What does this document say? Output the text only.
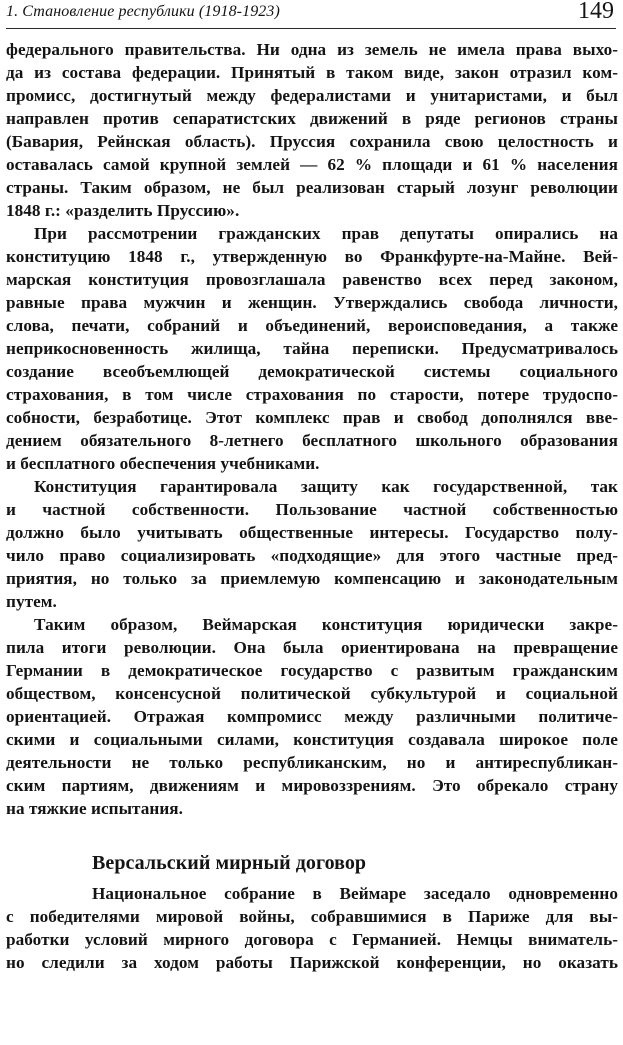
1. Становление республики (1918-1923)	149
федерального правительства. Ни одна из земель не имела права выхо-
да из состава федерации. Принятый в таком виде, закон отразил ком-
промисс, достигнутый между федералистами и унитаристами, и был
направлен против сепаратистских движений в ряде регионов страны
(Бавария, Рейнская область). Пруссия сохранила свою целостность и
оставалась самой крупной землей — 62 % площади и 61 % населения
страны. Таким образом, не был реализован старый лозунг революции
1848 г.: «разделить Пруссию».
При рассмотрении гражданских прав депутаты опирались на
конституцию 1848 г., утвержденную во Франкфурте-на-Майне. Вей-
марская конституция провозглашала равенство всех перед законом,
равные права мужчин и женщин. Утверждались свобода личности,
слова, печати, собраний и объединений, вероисповедания, а также
неприкосновенность жилища, тайна переписки. Предусматривалось
создание всеобъемлющей демократической системы социального
страхования, в том числе страхования по старости, потере трудоспо-
собности, безработице. Этот комплекс прав и свобод дополнялся вве-
дением обязательного 8-летнего бесплатного школьного образования
и бесплатного обеспечения учебниками.
Конституция гарантировала защиту как государственной, так
и частной собственности. Пользование частной собственностью
должно было учитывать общественные интересы. Государство полу-
чило право социализировать «подходящие» для этого частные пред-
приятия, но только за приемлемую компенсацию и законодательным
путем.
Таким образом, Веймарская конституция юридически закре-
пила итоги революции. Она была ориентирована на превращение
Германии в демократическое государство с развитым гражданским
обществом, консенсусной политической субкультурой и социальной
ориентацией. Отражая компромисс между различными политиче-
скими и социальными силами, конституция создавала широкое поле
деятельности не только республиканским, но и антиреспубликан-
ским партиям, движениям и мировоззрениям. Это обрекало страну
на тяжкие испытания.
Версальский мирный договор
Национальное собрание в Веймаре заседало одновременно
с победителями мировой войны, собравшимися в Париже для вы-
работки условий мирного договора с Германией. Немцы вниматель-
но следили за ходом работы Парижской конференции, но оказать
